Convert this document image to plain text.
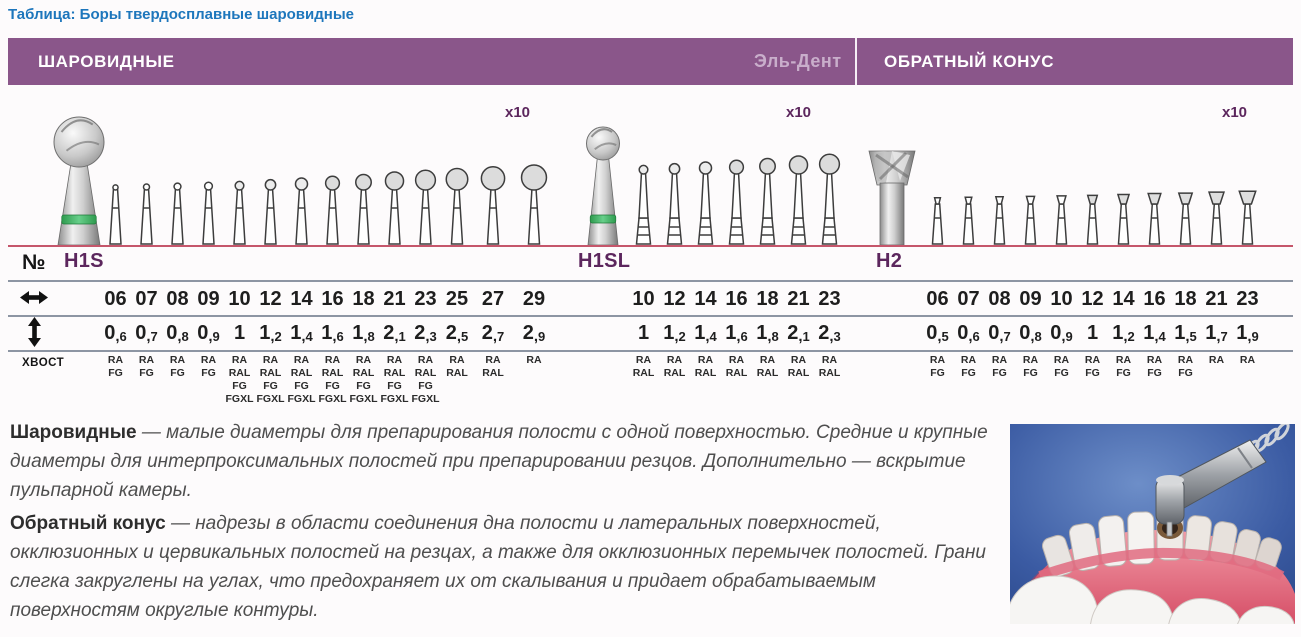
Таблица: Боры твердосплавные шаровидные
ШАРОВИДНЫЕ	Эль-Дент ОБРАТНЫЙ КОНУС
№
ХВОСТ

Шаровидные — малые диаметры для препарирования полости с одной поверхностью. Средние и крупные диаметры для интерпроксимальных полостей при препарировании резцов. Дополнительно — вскрытие пульпарной камеры.

Обратный конус — надрезы в области соединения дна полости и латеральных поверхностей, окклюзионных и цервикальных полостей на резцах, а также для окклюзионных перемычек полостей. Грани слегка закруглены на углах, что предохраняет их от скалывания и придает обрабатываемым поверхностям округлые контуры.

x10
H1S
06 07 08 09 10 12 14 16 18 21 23 25 27 29
0,6 0,7 0,8 0,9 1 1,2 1,4 1,6 1,8 2,1 2,3 2,5 2,7 2,9
RA
FG
RA
FG
RA
FG
RA
FG
RA
RAL
FG
FGXL
RA
RAL
FG
FGXL
RA
RAL
FG
FGXL
RA
RAL
FG
FGXL
RA
RAL
FG
FGXL
RA
RAL
FG
FGXL
RA
RAL
FG
FGXL
RA
RAL
RA
RAL
RA
x10
H1SL
10 12 14 16 18 21 23
1 1,2 1,4 1,6 1,8 2,1 2,3
RA
RAL
RA
RAL
RA
RAL
RA
RAL
RA
RAL
RA
RAL
RA
RAL
x10
H2
06 07 08 09 10 12 14 16 18 21 23
0,5 0,6 0,7 0,8 0,9 1 1,2 1,4 1,5 1,7 1,9
RA
FG
RA
FG
RA
FG
RA
FG
RA
FG
RA
FG
RA
FG
RA
FG
RA
FG
RA RA
